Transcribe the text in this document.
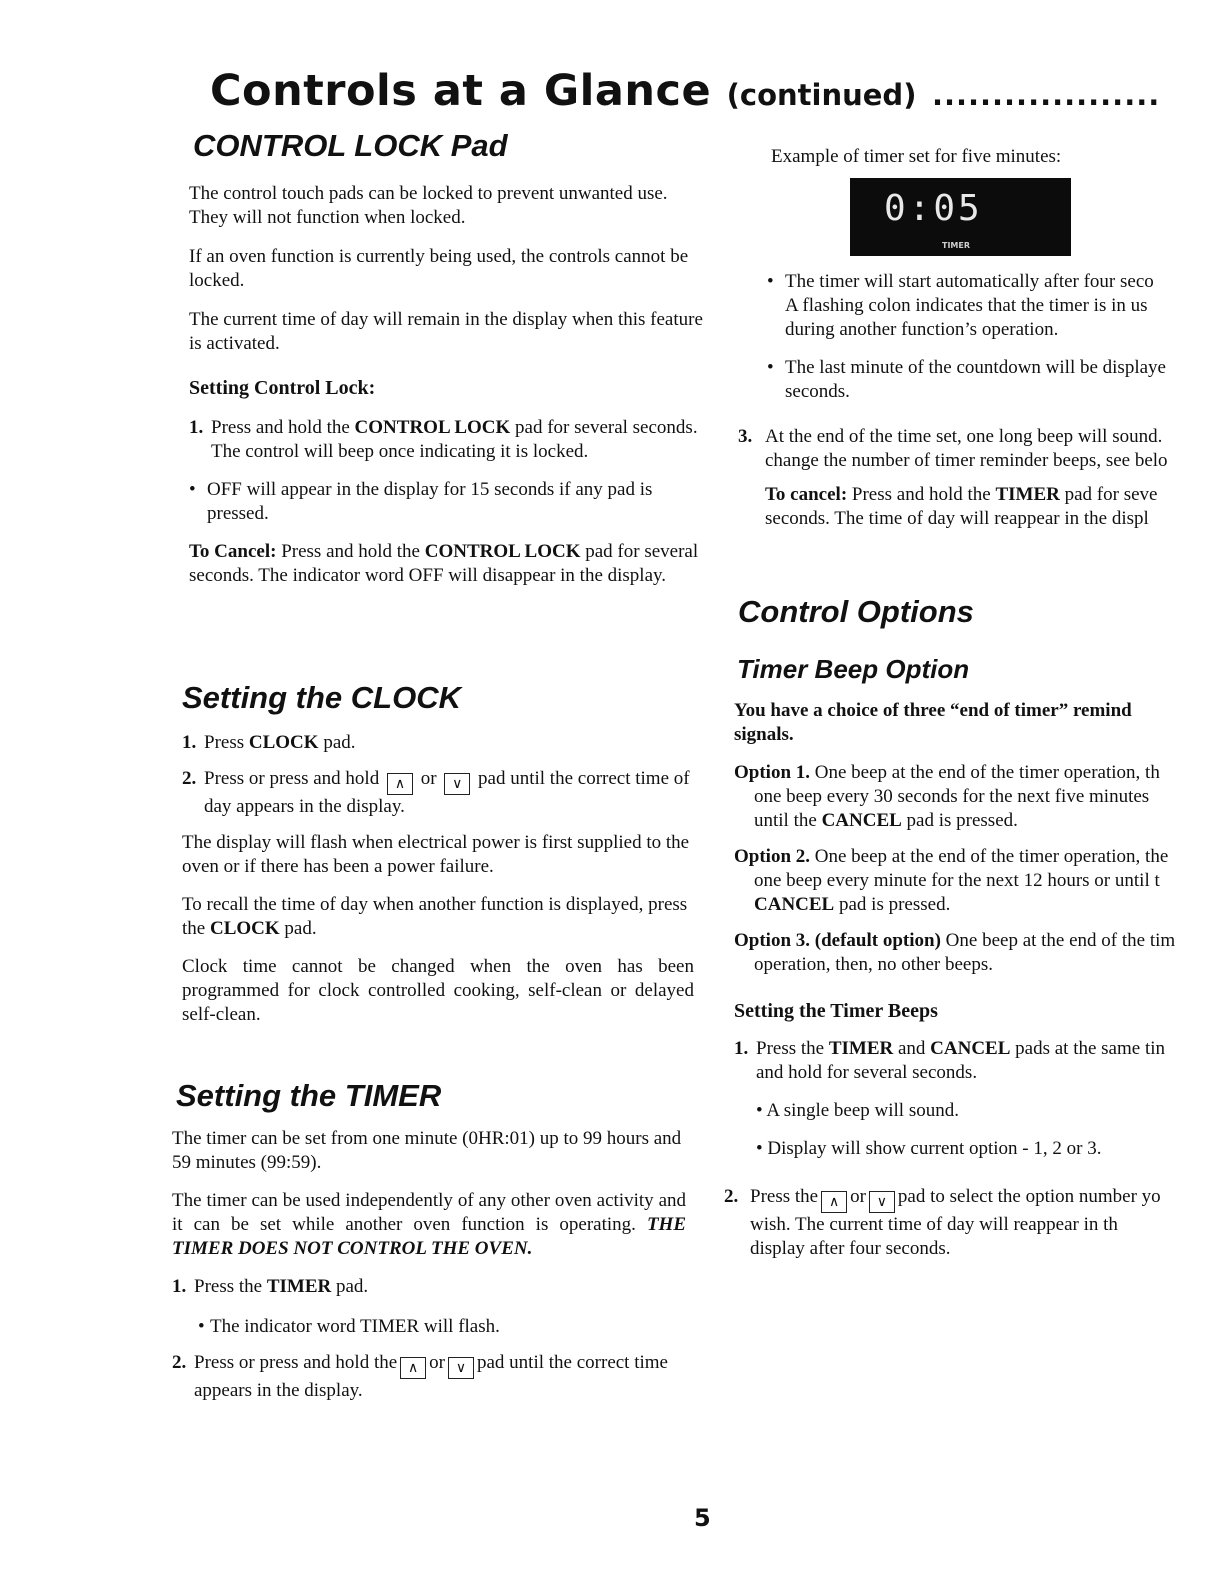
Controls at a Glance (continued) ...................
CONTROL LOCK Pad

The control touch pads can be locked to prevent unwanted use. They will not function when locked.

If an oven function is currently being used, the controls cannot be locked.

The current time of day will remain in the display when this feature is activated.

Setting Control Lock:

1. Press and hold the CONTROL LOCK pad for several seconds. The control will beep once indicating it is locked.
• OFF will appear in the display for 15 seconds if any pad is pressed.

To Cancel: Press and hold the CONTROL LOCK pad for several seconds. The indicator word OFF will disappear in the display.

Setting the CLOCK
1. Press CLOCK pad.
2. Press or press and hold ∧ or ∨ pad until the correct time of day appears in the display.

The display will flash when electrical power is first supplied to the oven or if there has been a power failure.

To recall the time of day when another function is displayed, press the CLOCK pad.

Clock time cannot be changed when the oven has been programmed for clock controlled cooking, self-clean or delayed self-clean.

Setting the TIMER

The timer can be set from one minute (0HR:01) up to 99 hours and 59 minutes (99:59).

The timer can be used independently of any other oven activity and it can be set while another oven function is operating. THE TIMER DOES NOT CONTROL THE OVEN.

1. Press the TIMER pad.
• The indicator word TIMER will flash.
2. Press or press and hold the ∧ or ∨ pad until the correct time appears in the display.
Example of timer set for five minutes:
0:05
TIMER
• The timer will start automatically after four seco
A flashing colon indicates that the timer is in us
during another function’s operation.
• The last minute of the countdown will be displaye
seconds.
3. At the end of the time set, one long beep will sound.
change the number of timer reminder beeps, see belo

To cancel: Press and hold the TIMER pad for seve
seconds. The time of day will reappear in the displ

Control Options
Timer Beep Option

You have a choice of three “end of timer” remind
signals.

Option 1. One beep at the end of the timer operation, th
one beep every 30 seconds for the next five minutes
until the CANCEL pad is pressed.

Option 2. One beep at the end of the timer operation, the
one beep every minute for the next 12 hours or until t
CANCEL pad is pressed.

Option 3. (default option) One beep at the end of the tim
operation, then, no other beeps.

Setting the Timer Beeps

1. Press the TIMER and CANCEL pads at the same tin
and hold for several seconds.
• A single beep will sound.
• Display will show current option - 1, 2 or 3.
2. Press the ∧ or ∨ pad to select the option number yo
wish. The current time of day will reappear in th
display after four seconds.
5
